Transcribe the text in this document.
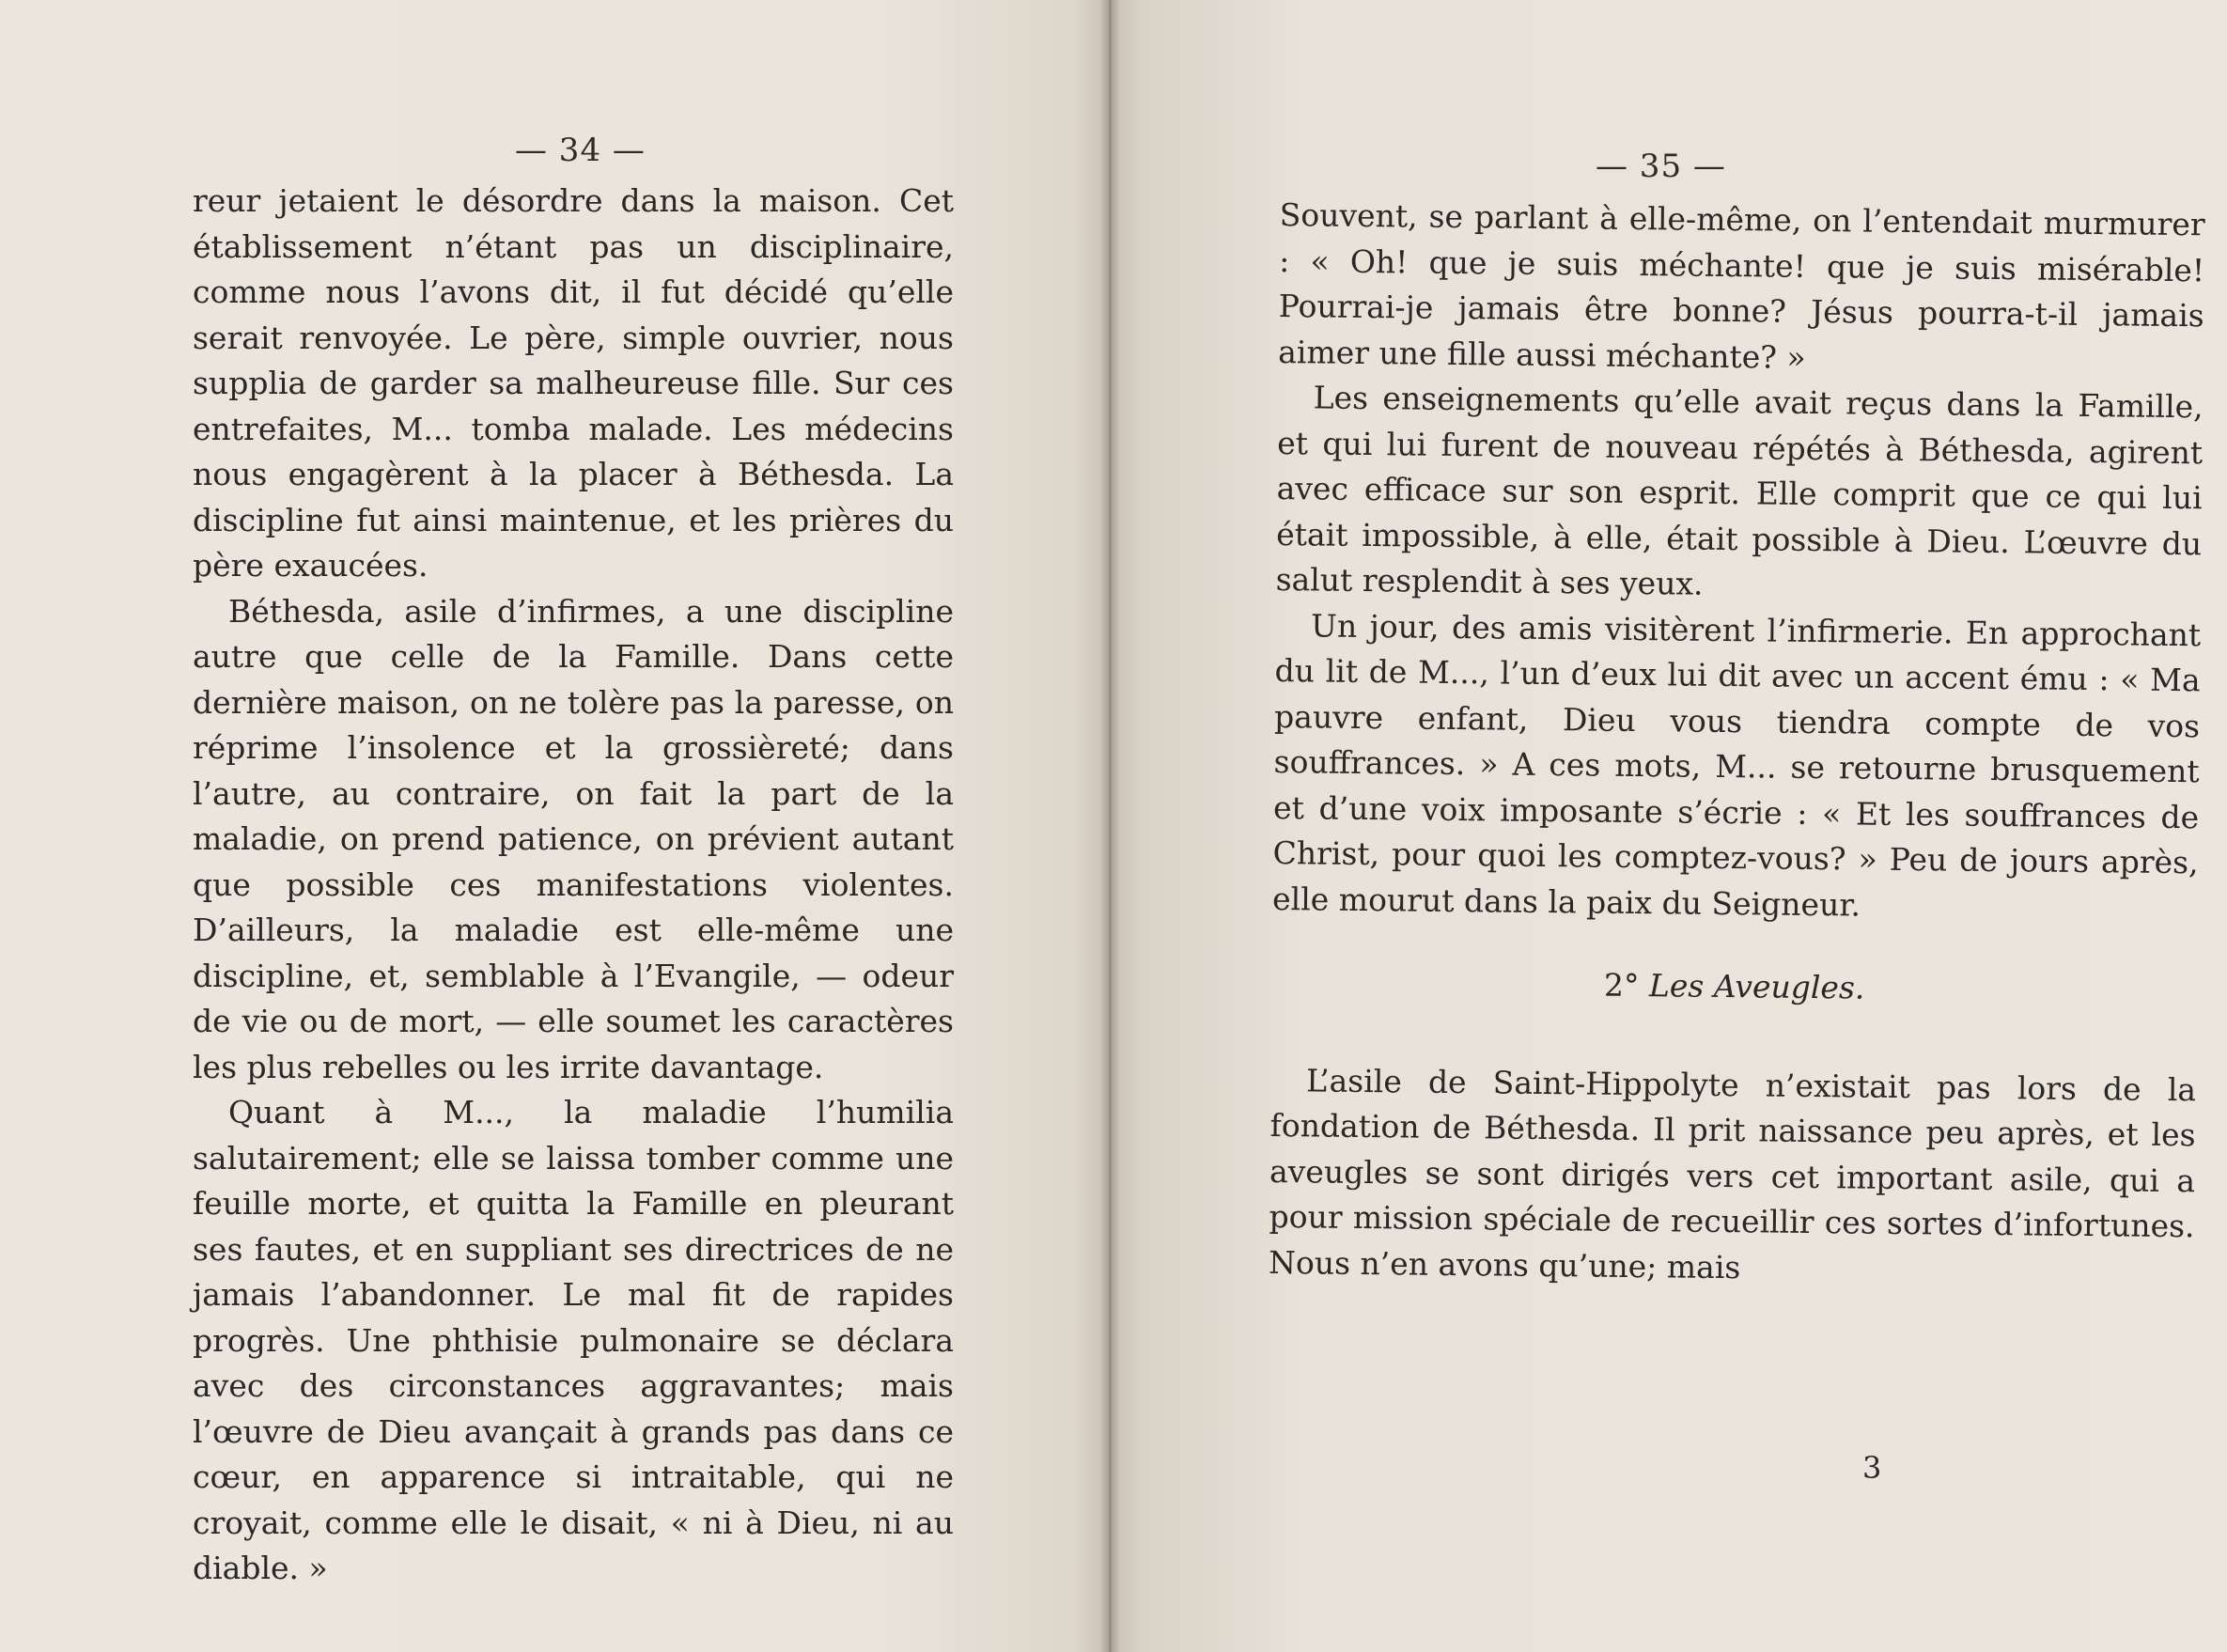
— 34 —

reur jetaient le désordre dans la maison. Cet établissement n’étant pas un disciplinaire, comme nous l’avons dit, il fut décidé qu’elle serait renvoyée. Le père, simple ouvrier, nous supplia de garder sa malheureuse fille. Sur ces entrefaites, M... tomba malade. Les médecins nous engagèrent à la placer à Béthesda. La discipline fut ainsi maintenue, et les prières du père exaucées.

Béthesda, asile d’infirmes, a une discipline autre que celle de la Famille. Dans cette dernière maison, on ne tolère pas la paresse, on réprime l’insolence et la grossièreté; dans l’autre, au contraire, on fait la part de la maladie, on prend patience, on prévient autant que possible ces manifestations violentes. D’ailleurs, la maladie est elle-même une discipline, et, semblable à l’Evangile, — odeur de vie ou de mort, — elle soumet les caractères les plus rebelles ou les irrite davantage.

Quant à M..., la maladie l’humilia salutairement; elle se laissa tomber comme une feuille morte, et quitta la Famille en pleurant ses fautes, et en suppliant ses directrices de ne jamais l’abandonner. Le mal fit de rapides progrès. Une phthisie pulmonaire se déclara avec des circonstances aggravantes; mais l’œuvre de Dieu avançait à grands pas dans ce cœur, en apparence si intraitable, qui ne croyait, comme elle le disait, « ni à Dieu, ni au diable. »

— 35 —

Souvent, se parlant à elle-même, on l’entendait murmurer : « Oh! que je suis méchante! que je suis misérable! Pourrai-je jamais être bonne? Jésus pourra-t-il jamais aimer une fille aussi méchante? »

Les enseignements qu’elle avait reçus dans la Famille, et qui lui furent de nouveau répétés à Béthesda, agirent avec efficace sur son esprit. Elle comprit que ce qui lui était impossible, à elle, était possible à Dieu. L’œuvre du salut resplendit à ses yeux.

Un jour, des amis visitèrent l’infirmerie. En approchant du lit de M..., l’un d’eux lui dit avec un accent ému : « Ma pauvre enfant, Dieu vous tiendra compte de vos souffrances. » A ces mots, M... se retourne brusquement et d’une voix imposante s’écrie : « Et les souffrances de Christ, pour quoi les comptez-vous? » Peu de jours après, elle mourut dans la paix du Seigneur.

2° Les Aveugles.

L’asile de Saint-Hippolyte n’existait pas lors de la fondation de Béthesda. Il prit naissance peu après, et les aveugles se sont dirigés vers cet important asile, qui a pour mission spéciale de recueillir ces sortes d’infortunes. Nous n’en avons qu’une; mais

3
